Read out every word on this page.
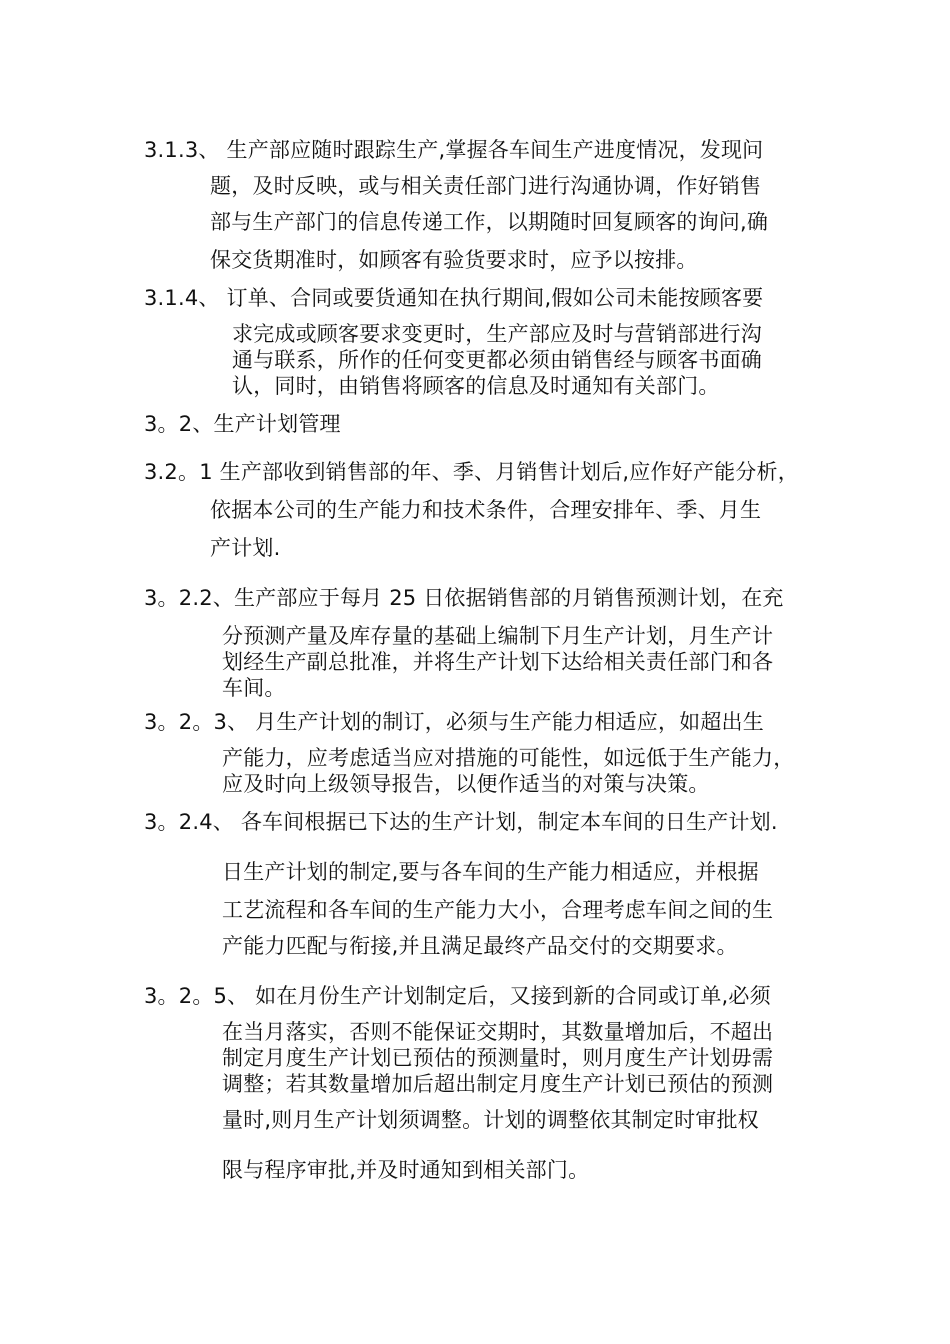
3.1.3、 生产部应随时跟踪生产,掌握各车间生产进度情况，发现问
题，及时反映，或与相关责任部门进行沟通协调，作好销售
部与生产部门的信息传递工作，以期随时回复顾客的询问,确
保交货期准时，如顾客有验货要求时，应予以按排。
3.1.4、 订单、合同或要货通知在执行期间,假如公司未能按顾客要
求完成或顾客要求变更时，生产部应及时与营销部进行沟
通与联系，所作的任何变更都必须由销售经与顾客书面确
认，同时，由销售将顾客的信息及时通知有关部门。
3。2、生产计划管理
3.2。1 生产部收到销售部的年、季、月销售计划后,应作好产能分析，
依据本公司的生产能力和技术条件，合理安排年、季、月生
产计划.
3。2.2、生产部应于每月 25 日依据销售部的月销售预测计划，在充
分预测产量及库存量的基础上编制下月生产计划，月生产计
划经生产副总批准，并将生产计划下达给相关责任部门和各
车间。
3。2。3、 月生产计划的制订，必须与生产能力相适应，如超出生
产能力，应考虑适当应对措施的可能性，如远低于生产能力，
应及时向上级领导报告，以便作适当的对策与决策。
3。2.4、 各车间根据已下达的生产计划，制定本车间的日生产计划.
日生产计划的制定,要与各车间的生产能力相适应，并根据
工艺流程和各车间的生产能力大小，合理考虑车间之间的生
产能力匹配与衔接,并且满足最终产品交付的交期要求。
3。2。5、 如在月份生产计划制定后，又接到新的合同或订单,必须
在当月落实，否则不能保证交期时，其数量增加后，不超出
制定月度生产计划已预估的预测量时，则月度生产计划毋需
调整；若其数量增加后超出制定月度生产计划已预估的预测
量时,则月生产计划须调整。计划的调整依其制定时审批权
限与程序审批,并及时通知到相关部门。
